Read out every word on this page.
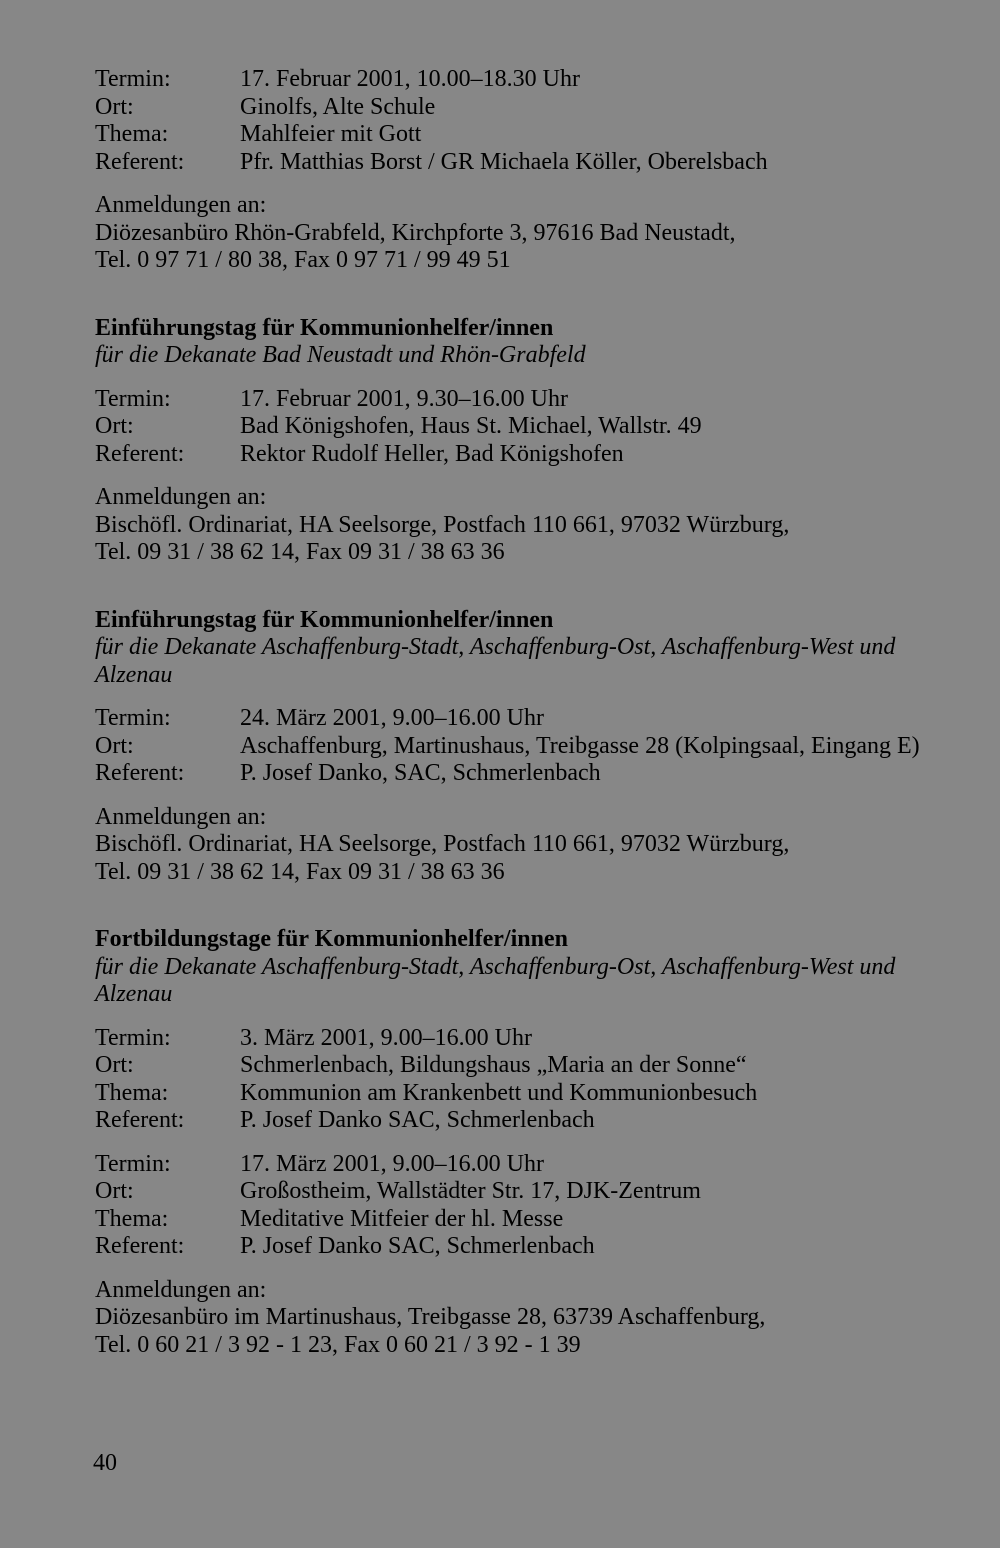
Termin:	17. Februar 2001, 10.00–18.30 Uhr
Ort:	Ginolfs, Alte Schule
Thema:	Mahlfeier mit Gott
Referent:	Pfr. Matthias Borst / GR Michaela Köller, Oberelsbach
Anmeldungen an:
Diözesanbüro Rhön-Grabfeld, Kirchpforte 3, 97616 Bad Neustadt,
Tel. 0 97 71 / 80 38, Fax 0 97 71 / 99 49 51
Einführungstag für Kommunionhelfer/innen
für die Dekanate Bad Neustadt und Rhön-Grabfeld
Termin:	17. Februar 2001, 9.30–16.00 Uhr
Ort:	Bad Königshofen, Haus St. Michael, Wallstr. 49
Referent:	Rektor Rudolf Heller, Bad Königshofen
Anmeldungen an:
Bischöfl. Ordinariat, HA Seelsorge, Postfach 110 661, 97032 Würzburg,
Tel. 09 31 / 38 62 14, Fax 09 31 / 38 63 36
Einführungstag für Kommunionhelfer/innen
für die Dekanate Aschaffenburg-Stadt, Aschaffenburg-Ost, Aschaffenburg-West und Alzenau
Termin:	24. März 2001, 9.00–16.00 Uhr
Ort:	Aschaffenburg, Martinushaus, Treibgasse 28 (Kolpingsaal, Eingang E)
Referent:	P. Josef Danko, SAC, Schmerlenbach
Anmeldungen an:
Bischöfl. Ordinariat, HA Seelsorge, Postfach 110 661, 97032 Würzburg,
Tel. 09 31 / 38 62 14, Fax 09 31 / 38 63 36
Fortbildungstage für Kommunionhelfer/innen
für die Dekanate Aschaffenburg-Stadt, Aschaffenburg-Ost, Aschaffenburg-West und Alzenau
Termin:	3. März 2001, 9.00–16.00 Uhr
Ort:	Schmerlenbach, Bildungshaus „Maria an der Sonne“
Thema:	Kommunion am Krankenbett und Kommunionbesuch
Referent:	P. Josef Danko SAC, Schmerlenbach
Termin:	17. März 2001, 9.00–16.00 Uhr
Ort:	Großostheim, Wallstädter Str. 17, DJK-Zentrum
Thema:	Meditative Mitfeier der hl. Messe
Referent:	P. Josef Danko SAC, Schmerlenbach
Anmeldungen an:
Diözesanbüro im Martinushaus, Treibgasse 28, 63739 Aschaffenburg,
Tel. 0 60 21 / 3 92 - 1 23, Fax 0 60 21 / 3 92 - 1 39
40
